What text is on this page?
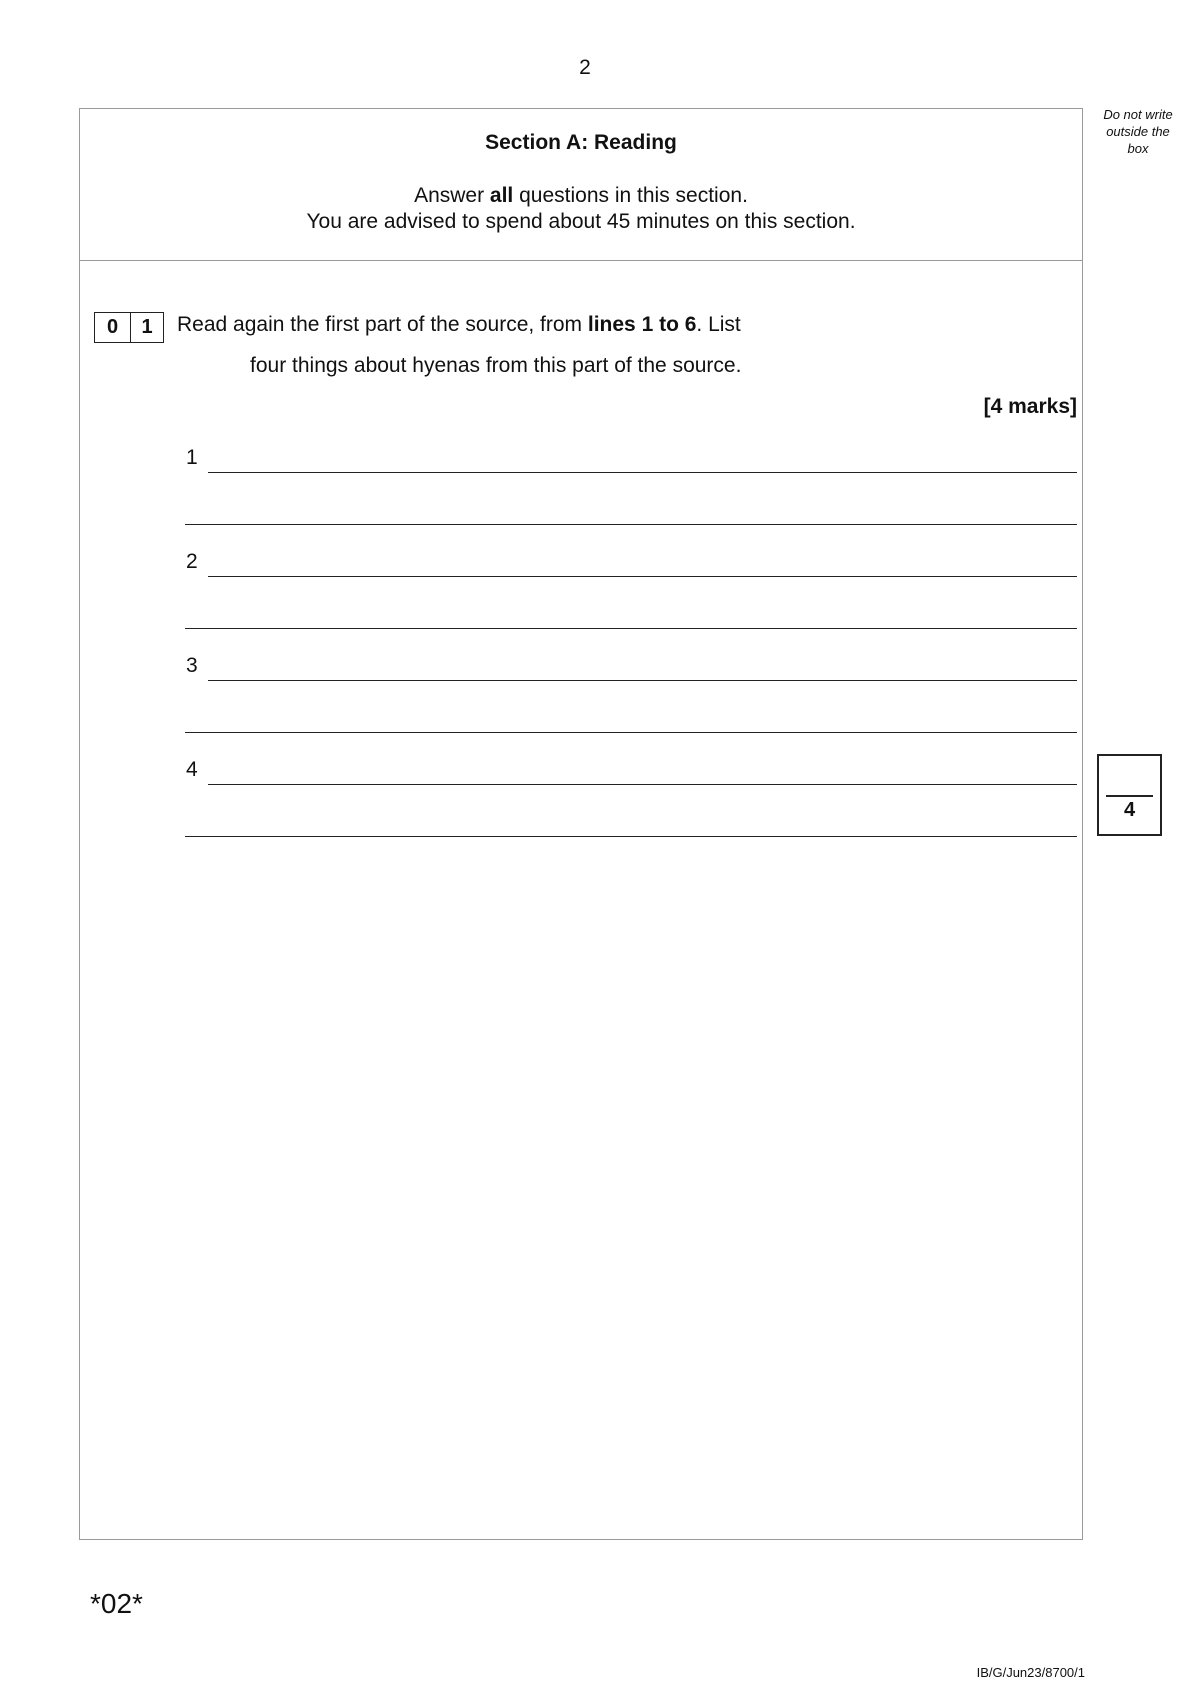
2
Do not write
outside the
box
Section A: Reading
Answer all questions in this section.
You are advised to spend about 45 minutes on this section.
0	1	Read again the first part of the source, from lines 1 to 6. List
four things about hyenas from this part of the source.
[4 marks]
1
2
3
4
4
*02*
IB/G/Jun23/8700/1
